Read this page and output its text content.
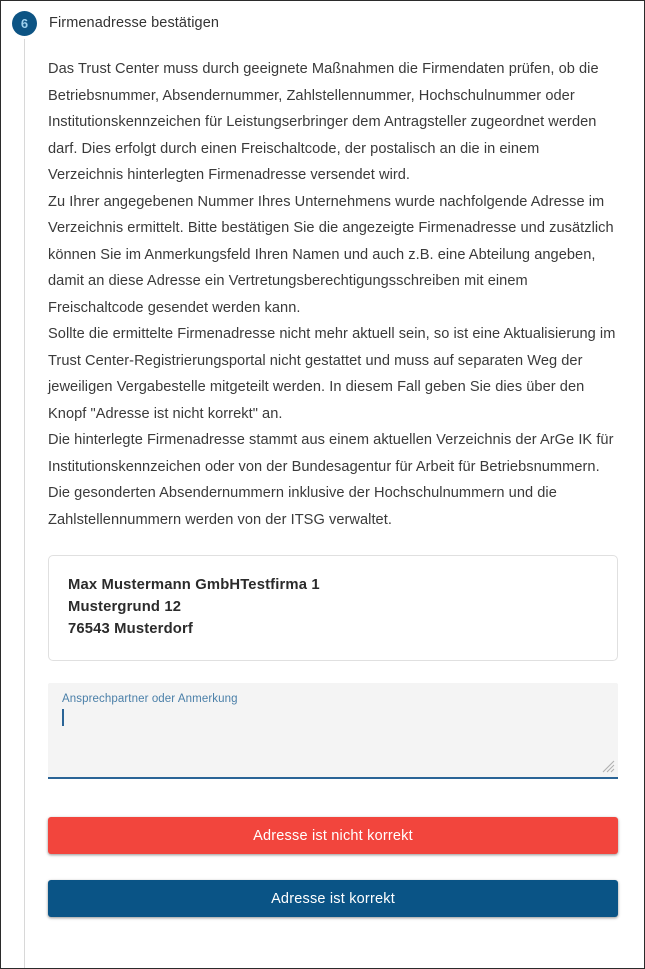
6	Firmenadresse bestätigen

Das Trust Center muss durch geeignete Maßnahmen die Firmendaten prüfen, ob die Betriebsnummer, Absendernummer, Zahlstellennummer, Hochschulnummer oder Institutionskennzeichen für Leistungserbringer dem Antragsteller zugeordnet werden darf. Dies erfolgt durch einen Freischaltcode, der postalisch an die in einem Verzeichnis hinterlegten Firmenadresse versendet wird.

Zu Ihrer angegebenen Nummer Ihres Unternehmens wurde nachfolgende Adresse im Verzeichnis ermittelt. Bitte bestätigen Sie die angezeigte Firmenadresse und zusätzlich können Sie im Anmerkungsfeld Ihren Namen und auch z.B. eine Abteilung angeben, damit an diese Adresse ein Vertretungsberechtigungsschreiben mit einem Freischaltcode gesendet werden kann.

Sollte die ermittelte Firmenadresse nicht mehr aktuell sein, so ist eine Aktualisierung im Trust Center-Registrierungsportal nicht gestattet und muss auf separaten Weg der jeweiligen Vergabestelle mitgeteilt werden. In diesem Fall geben Sie dies über den Knopf "Adresse ist nicht korrekt" an.

Die hinterlegte Firmenadresse stammt aus einem aktuellen Verzeichnis der ArGe IK für Institutionskennzeichen oder von der Bundesagentur für Arbeit für Betriebsnummern. Die gesonderten Absendernummern inklusive der Hochschulnummern und die Zahlstellennummern werden von der ITSG verwaltet.

Max Mustermann GmbHTestfirma 1
Mustergrund 12
76543 Musterdorf
Ansprechpartner oder Anmerkung
Adresse ist nicht korrekt
Adresse ist korrekt
